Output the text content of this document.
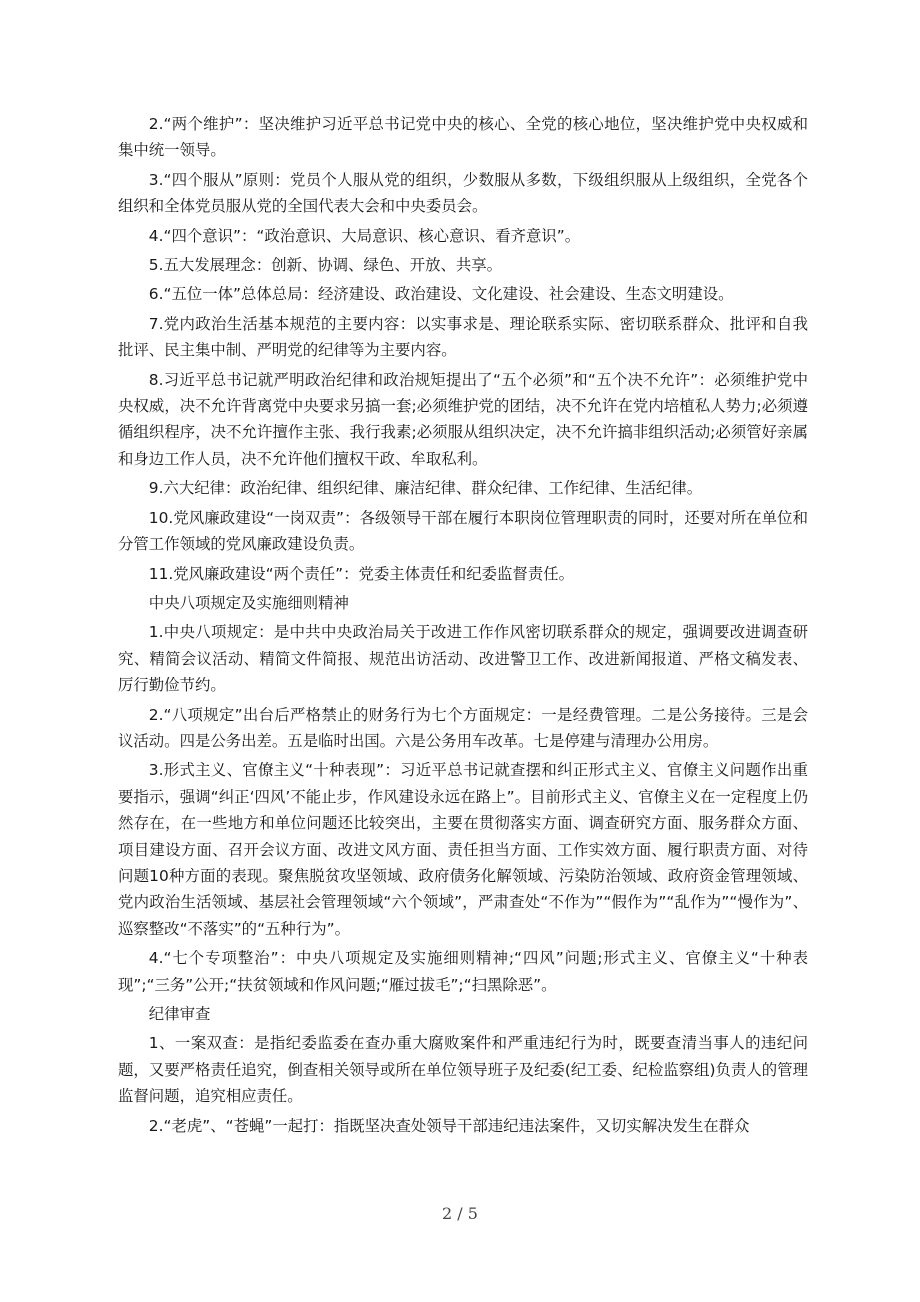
2.“两个维护”：坚决维护习近平总书记党中央的核心、全党的核心地位，坚决维护党中央权威和集中统一领导。

3.“四个服从”原则：党员个人服从党的组织，少数服从多数，下级组织服从上级组织，全党各个组织和全体党员服从党的全国代表大会和中央委员会。

4.“四个意识”：“政治意识、大局意识、核心意识、看齐意识”。

5.五大发展理念：创新、协调、绿色、开放、共享。

6.“五位一体”总体总局：经济建设、政治建设、文化建设、社会建设、生态文明建设。

7.党内政治生活基本规范的主要内容：以实事求是、理论联系实际、密切联系群众、批评和自我批评、民主集中制、严明党的纪律等为主要内容。

8.习近平总书记就严明政治纪律和政治规矩提出了“五个必须”和“五个决不允许”：必须维护党中央权威，决不允许背离党中央要求另搞一套;必须维护党的团结，决不允许在党内培植私人势力;必须遵循组织程序，决不允许擅作主张、我行我素;必须服从组织决定，决不允许搞非组织活动;必须管好亲属和身边工作人员，决不允许他们擅权干政、牟取私利。

9.六大纪律：政治纪律、组织纪律、廉洁纪律、群众纪律、工作纪律、生活纪律。

10.党风廉政建设“一岗双责”：各级领导干部在履行本职岗位管理职责的同时，还要对所在单位和分管工作领域的党风廉政建设负责。

11.党风廉政建设“两个责任”：党委主体责任和纪委监督责任。

中央八项规定及实施细则精神

1.中央八项规定：是中共中央政治局关于改进工作作风密切联系群众的规定，强调要改进调查研究、精简会议活动、精简文件简报、规范出访活动、改进警卫工作、改进新闻报道、严格文稿发表、厉行勤俭节约。

2.“八项规定”出台后严格禁止的财务行为七个方面规定：一是经费管理。二是公务接待。三是会议活动。四是公务出差。五是临时出国。六是公务用车改革。七是停建与清理办公用房。

3.形式主义、官僚主义“十种表现”：习近平总书记就查摆和纠正形式主义、官僚主义问题作出重要指示，强调“纠正‘四风’不能止步，作风建设永远在路上”。目前形式主义、官僚主义在一定程度上仍然存在，在一些地方和单位问题还比较突出，主要在贯彻落实方面、调查研究方面、服务群众方面、项目建设方面、召开会议方面、改进文风方面、责任担当方面、工作实效方面、履行职责方面、对待问题10种方面的表现。聚焦脱贫攻坚领域、政府债务化解领域、污染防治领域、政府资金管理领域、党内政治生活领域、基层社会管理领域“六个领域”，严肃查处“不作为”“假作为”“乱作为”“慢作为”、巡察整改“不落实”的“五种行为”。

4.“七个专项整治”：中央八项规定及实施细则精神;“四风”问题;形式主义、官僚主义“十种表现”;“三务”公开;“扶贫领域和作风问题;“雁过拔毛”;“扫黑除恶”。

纪律审查

1、一案双查：是指纪委监委在查办重大腐败案件和严重违纪行为时，既要查清当事人的违纪问题，又要严格责任追究，倒查相关领导或所在单位领导班子及纪委(纪工委、纪检监察组)负责人的管理监督问题，追究相应责任。

2.“老虎”、“苍蝇”一起打：指既坚决查处领导干部违纪违法案件，又切实解决发生在群众

2 / 5
